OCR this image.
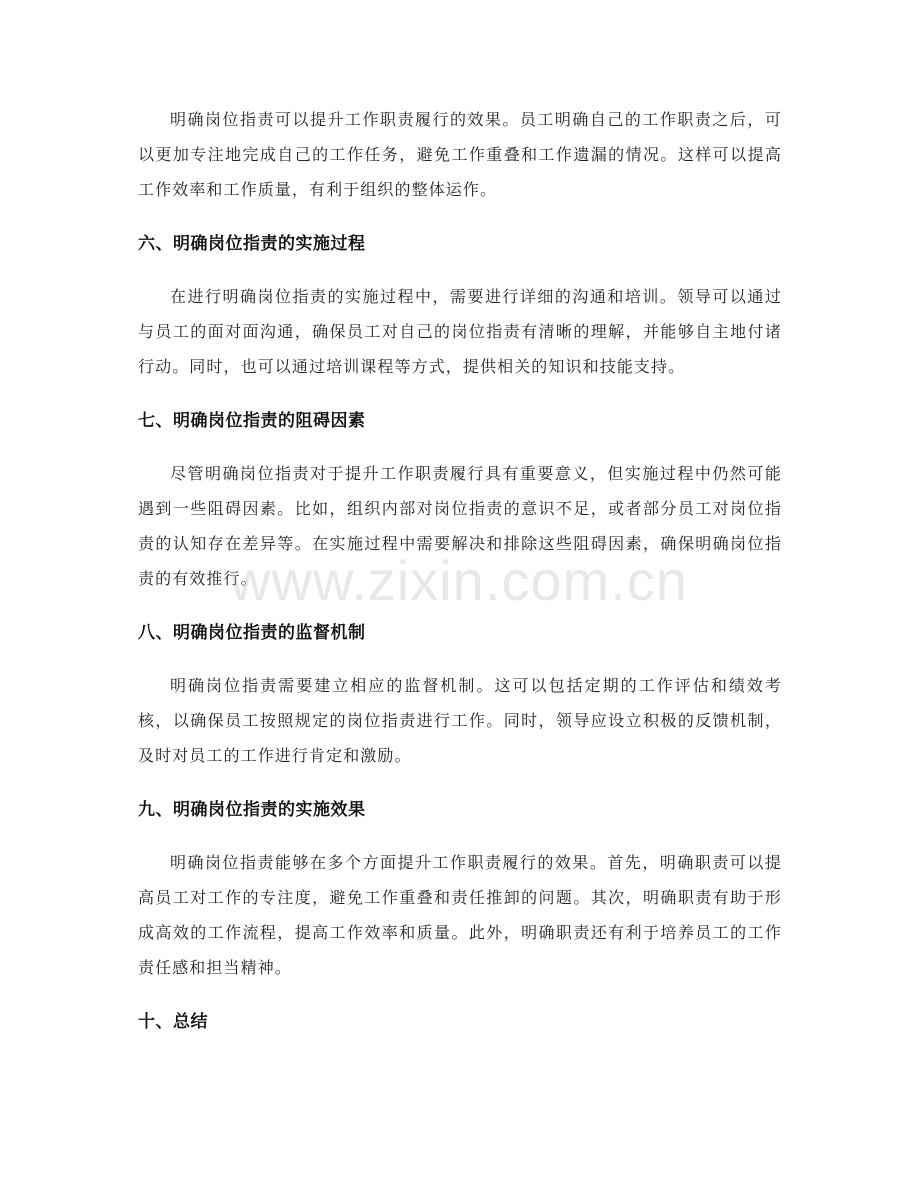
明确岗位指责可以提升工作职责履行的效果。员工明确自己的工作职责之后，可以更加专注地完成自己的工作任务，避免工作重叠和工作遗漏的情况。这样可以提高工作效率和工作质量，有利于组织的整体运作。

六、明确岗位指责的实施过程

在进行明确岗位指责的实施过程中，需要进行详细的沟通和培训。领导可以通过与员工的面对面沟通，确保员工对自己的岗位指责有清晰的理解，并能够自主地付诸行动。同时，也可以通过培训课程等方式，提供相关的知识和技能支持。

七、明确岗位指责的阻碍因素

尽管明确岗位指责对于提升工作职责履行具有重要意义，但实施过程中仍然可能遇到一些阻碍因素。比如，组织内部对岗位指责的意识不足，或者部分员工对岗位指责的认知存在差异等。在实施过程中需要解决和排除这些阻碍因素，确保明确岗位指责的有效推行。

八、明确岗位指责的监督机制

明确岗位指责需要建立相应的监督机制。这可以包括定期的工作评估和绩效考核，以确保员工按照规定的岗位指责进行工作。同时，领导应设立积极的反馈机制，及时对员工的工作进行肯定和激励。

九、明确岗位指责的实施效果

明确岗位指责能够在多个方面提升工作职责履行的效果。首先，明确职责可以提高员工对工作的专注度，避免工作重叠和责任推卸的问题。其次，明确职责有助于形成高效的工作流程，提高工作效率和质量。此外，明确职责还有利于培养员工的工作责任感和担当精神。

十、总结
www.zixin.com.cn
